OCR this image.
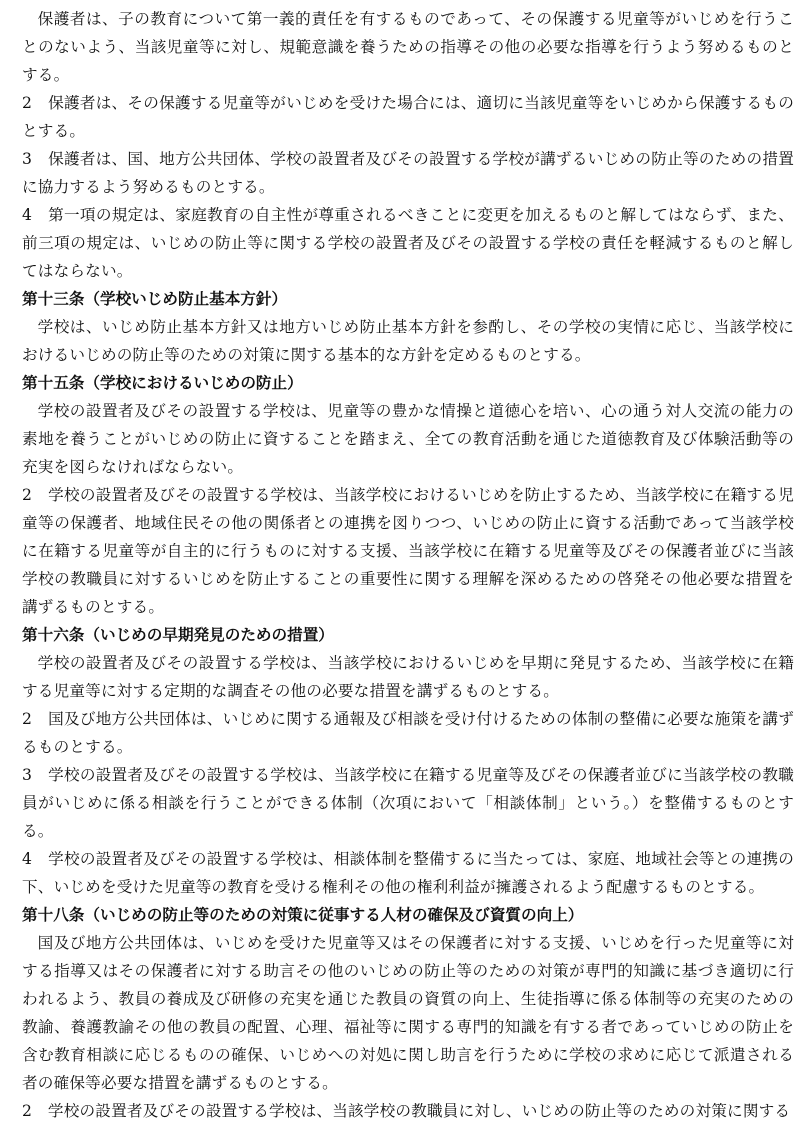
保護者は、子の教育について第一義的責任を有するものであって、その保護する児童等がいじめを行うことのないよう、当該児童等に対し、規範意識を養うための指導その他の必要な指導を行うよう努めるものとする。

2　保護者は、その保護する児童等がいじめを受けた場合には、適切に当該児童等をいじめから保護するものとする。

3　保護者は、国、地方公共団体、学校の設置者及びその設置する学校が講ずるいじめの防止等のための措置に協力するよう努めるものとする。

4　第一項の規定は、家庭教育の自主性が尊重されるべきことに変更を加えるものと解してはならず、また、前三項の規定は、いじめの防止等に関する学校の設置者及びその設置する学校の責任を軽減するものと解してはならない。

第十三条（学校いじめ防止基本方針）

学校は、いじめ防止基本方針又は地方いじめ防止基本方針を参酌し、その学校の実情に応じ、当該学校におけるいじめの防止等のための対策に関する基本的な方針を定めるものとする。

第十五条（学校におけるいじめの防止）

学校の設置者及びその設置する学校は、児童等の豊かな情操と道徳心を培い、心の通う対人交流の能力の素地を養うことがいじめの防止に資することを踏まえ、全ての教育活動を通じた道徳教育及び体験活動等の充実を図らなければならない。

2　学校の設置者及びその設置する学校は、当該学校におけるいじめを防止するため、当該学校に在籍する児童等の保護者、地域住民その他の関係者との連携を図りつつ、いじめの防止に資する活動であって当該学校に在籍する児童等が自主的に行うものに対する支援、当該学校に在籍する児童等及びその保護者並びに当該学校の教職員に対するいじめを防止することの重要性に関する理解を深めるための啓発その他必要な措置を講ずるものとする。

第十六条（いじめの早期発見のための措置）

学校の設置者及びその設置する学校は、当該学校におけるいじめを早期に発見するため、当該学校に在籍する児童等に対する定期的な調査その他の必要な措置を講ずるものとする。

2　国及び地方公共団体は、いじめに関する通報及び相談を受け付けるための体制の整備に必要な施策を講ずるものとする。

3　学校の設置者及びその設置する学校は、当該学校に在籍する児童等及びその保護者並びに当該学校の教職員がいじめに係る相談を行うことができる体制（次項において「相談体制」という。）を整備するものとする。

4　学校の設置者及びその設置する学校は、相談体制を整備するに当たっては、家庭、地域社会等との連携の下、いじめを受けた児童等の教育を受ける権利その他の権利利益が擁護されるよう配慮するものとする。

第十八条（いじめの防止等のための対策に従事する人材の確保及び資質の向上）

国及び地方公共団体は、いじめを受けた児童等又はその保護者に対する支援、いじめを行った児童等に対する指導又はその保護者に対する助言その他のいじめの防止等のための対策が専門的知識に基づき適切に行われるよう、教員の養成及び研修の充実を通じた教員の資質の向上、生徒指導に係る体制等の充実のための教諭、養護教諭その他の教員の配置、心理、福祉等に関する専門的知識を有する者であっていじめの防止を含む教育相談に応じるものの確保、いじめへの対処に関し助言を行うために学校の求めに応じて派遣される者の確保等必要な措置を講ずるものとする。

2　学校の設置者及びその設置する学校は、当該学校の教職員に対し、いじめの防止等のための対策に関する
